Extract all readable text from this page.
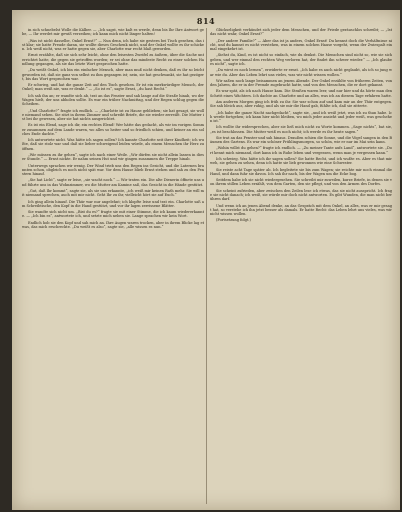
814

in sich schnebelst Wolle die Kälber. — „Ich sagst, wie kalt es werde, denn bis Ihr Ihre Antwort gebe, — Ihr werdet mir gewiß verzeihen; ich kann mich nicht länger halten!

„Was ist nicht dasselbe, Onkel Ernst?“ — Nun denn, ich habe sie gestern bei Tisch gesehen, das ist klar; sie hatte Freude daran, sie wollte dieses Geschenk nicht, und der Onkel wollte es ihr schicken. Ich weiß nicht, was er hatte gegen sie, aber Charlotte war recht blaß geworden.

Ernst erzählte, daß sie sich sehr leicht, ohne den leisesten Zweifel zu äußern, über die Sache unterrichtet hatte, die gegen sie getroffen worden; er sei ohne das mindeste Recht zu einer solchen Handlung gegangen, als sie das letzte Wort gesprochen hatte.

„Du weißt Onkel, ich bin ein einfacher Mensch, aber man muß nicht denken, daß es ihr so leicht geworden ist, daß sie ganz von selbst zu ihm gegangen ist; nein, sie hat geschwankt, sie hat gezögert, bis das Wort gesprochen war.

Er schwieg, und hat die ganze Zeit auf den Tisch gesehen. Er ist ein merkwürdiger Mensch, der Onkel; man weiß nie, was er denkt.“ — „So ist es“, sagte Ernst, „du hast Recht.“

Ich sah ihn an; er wandte sich ab, trat an das Fenster und sah lange auf die Straße hinab, wo der Wagen hielt, der uns abholen sollte. Es war ein trüber Nachmittag, und der Regen schlug gegen die Scheiben.

„Und Charlotte?“ fragte ich endlich. — „Charlotte ist zu Hause geblieben; sie hat gesagt, sie wolle niemand sehen. Sie sitzt in ihrem Zimmer und schreibt Briefe, die sie wieder zerreißt. Die Mutter ist bei ihr gewesen, aber sie hat nichts ausgerichtet.

Es ist ein Elend, sage ich dir, ein rechtes Elend! Wer hätte das gedacht, als wir im vorigen Sommer zusammen auf dem Lande waren, wo alles so heiter und so friedlich schien, und keiner an ein solches Ende dachte.“

Ich antwortete nicht. Was hätte ich sagen sollen? Ich kannte Charlotte seit ihrer Kindheit; ich wußte, daß sie stolz war und daß sie lieber schweigend leiden würde, als einem Menschen ihr Herz zu öffnen.

„Wir müssen zu ihr gehen“, sagte ich nach einer Weile. „Wir dürfen sie nicht allein lassen in dieser Stunde.“ — Ernst nickte. Er nahm seinen Hut und wir gingen zusammen die Treppe hinab.

Unterwegs sprachen wir wenig. Der Wind trieb uns den Regen ins Gesicht, und die Laternen brannten schon, obgleich es noch nicht spät war. Vor dem Hause blieb Ernst stehen und sah zu den Fenstern hinauf.

„Sie hat Licht“, sagte er leise, „sie wacht noch.“ — Wir traten ein. Die alte Dienerin öffnete uns und führte uns in das Wohnzimmer, wo die Mutter am Kamine saß, das Gesicht in die Hände gestützt.

„Gut, daß Ihr kommt“, sagte sie, als sie uns erkannte, „ich weiß mir keinen Rath mehr. Sie will mit niemand sprechen, auch mit mir nicht. Geht Ihr zu ihr, vielleicht hört sie auf Euch.“

Ich ging allein hinauf. Die Thür war nur angelehnt; ich klopfte leise und trat ein. Charlotte saß am Schreibtische, den Kopf in die Hand gestützt, und vor ihr lagen zerrissene Blätter.

Sie wandte sich nicht um. „Bist du es?“ fragte sie mit einer Stimme, die ich kaum wiedererkannte. — „Ich bin es“, antwortete ich, und setzte mich neben sie. Lange sprachen wir kein Wort.

Endlich hob sie den Kopf und sah mich an. Ihre Augen waren trocken, aber in ihrem Blicke lag etwas, das mich erschreckte. „Du weißt es also“, sagte sie, „alle wissen es nun.“

Glückseligkeit verkündet sich jeder dem Menschen, und der Friede geräuschlos schreibt; — „Ist das nicht wahr, Onkel Ernst?“

„Der andere Familie?“ — Aber das ist ja anders, Onkel Ernst! Du kennst doch die Verhältnisse nicht, und du kannst es nicht verstehen, was in einem solchen Hause vorgeht, wenn der Zwiespalt einmal eingekehrt ist.

„Siehst du, Kind, es ist nicht so einfach, wie du denkst. Die Menschen sind nicht so, wie sie sich geben, und wer einmal den rechten Weg verloren hat, der findet ihn schwer wieder.“ — „Ich glaube es nicht“, sagte ich.

„Du wirst es noch lernen“, erwiderte er ernst. „Ich habe es auch nicht geglaubt, als ich so jung war wie du. Aber das Leben lehrt uns vieles, was wir nicht wissen wollen.“

Wir saßen noch lange beisammen an jenem Abende. Der Onkel erzählte von früheren Zeiten, von den Jahren, die er in der Fremde zugebracht hatte, und von den Menschen, die er dort gekannt.

Es war spät, als ich nach Hause kam. Die Straßen waren leer, und nur hier und da hörte man den Schritt eines Wächters. Ich dachte an Charlotte und an alles, was ich an diesem Tage erfahren hatte.

Am anderen Morgen ging ich früh zu ihr. Sie war schon auf und kam mir an der Thür entgegen. Sie sah bleich aus, aber ruhig, und als sie mir die Hand gab, fühlte ich, daß sie zitterte.

„Ich habe die ganze Nacht nachgedacht“, sagte sie, „und ich weiß jetzt, was ich zu thun habe. Ich werde fortgehen; ich kann hier nicht bleiben, wo mich jeder ansieht und jeder weiß, was geschehen ist.“

Ich wollte ihr widersprechen, aber sie ließ mich nicht zu Worte kommen. „Sage nichts“, bat sie, „es ist beschlossen. Die Mutter weiß es noch nicht; ich werde es ihr heute sagen.“

Sie trat an das Fenster und sah hinaus. Draußen schien die Sonne, und die Vögel sangen in den Bäumen des Gartens. Es war ein schöner Frühlingsmorgen, so schön, wie er nur im Mai sein kann.

„Wohin willst du gehen?“ fragte ich endlich. — „Zu meiner Tante aufs Land“, antwortete sie. „Dort kennt mich niemand, dort kann ich in Ruhe leben und vergessen, wenn man je vergessen kann.“

Ich schwieg. Was hätte ich ihr sagen sollen? Sie hatte Recht, und ich wußte es. Aber es that mir weh, sie gehen zu sehen, denn ich hatte sie lieb gewonnen wie eine Schwester.

Sie reiste acht Tage später ab. Ich begleitete sie bis zum Wagen; sie reichte mir noch einmal die Hand, und dann fuhr sie davon. Ich sah ihr nach, bis der Wagen um die Ecke bog.

Seitdem habe ich sie nicht wiedergesehen. Sie schreibt mir zuweilen, kurze Briefe, in denen sie von ihrem stillen Leben erzählt, von dem Garten, den sie pflegt, und von den Armen des Dorfes.

Sie scheint zufrieden, aber zwischen den Zeilen lese ich etwas, das sie nicht ausspricht. Ich frage sie nicht danach; ich weiß, sie würde mir doch nicht antworten. Es gibt Wunden, die man nicht berühren darf.

Und wenn ich an jenen Abend denke, an das Gespräch mit dem Onkel, an alles, was er mir gesagt hat, so verstehe ich ihn jetzt besser als damals. Er hatte Recht: das Leben lehrt uns vieles, was wir nicht wissen wollen.

(Fortsetzung folgt.)
